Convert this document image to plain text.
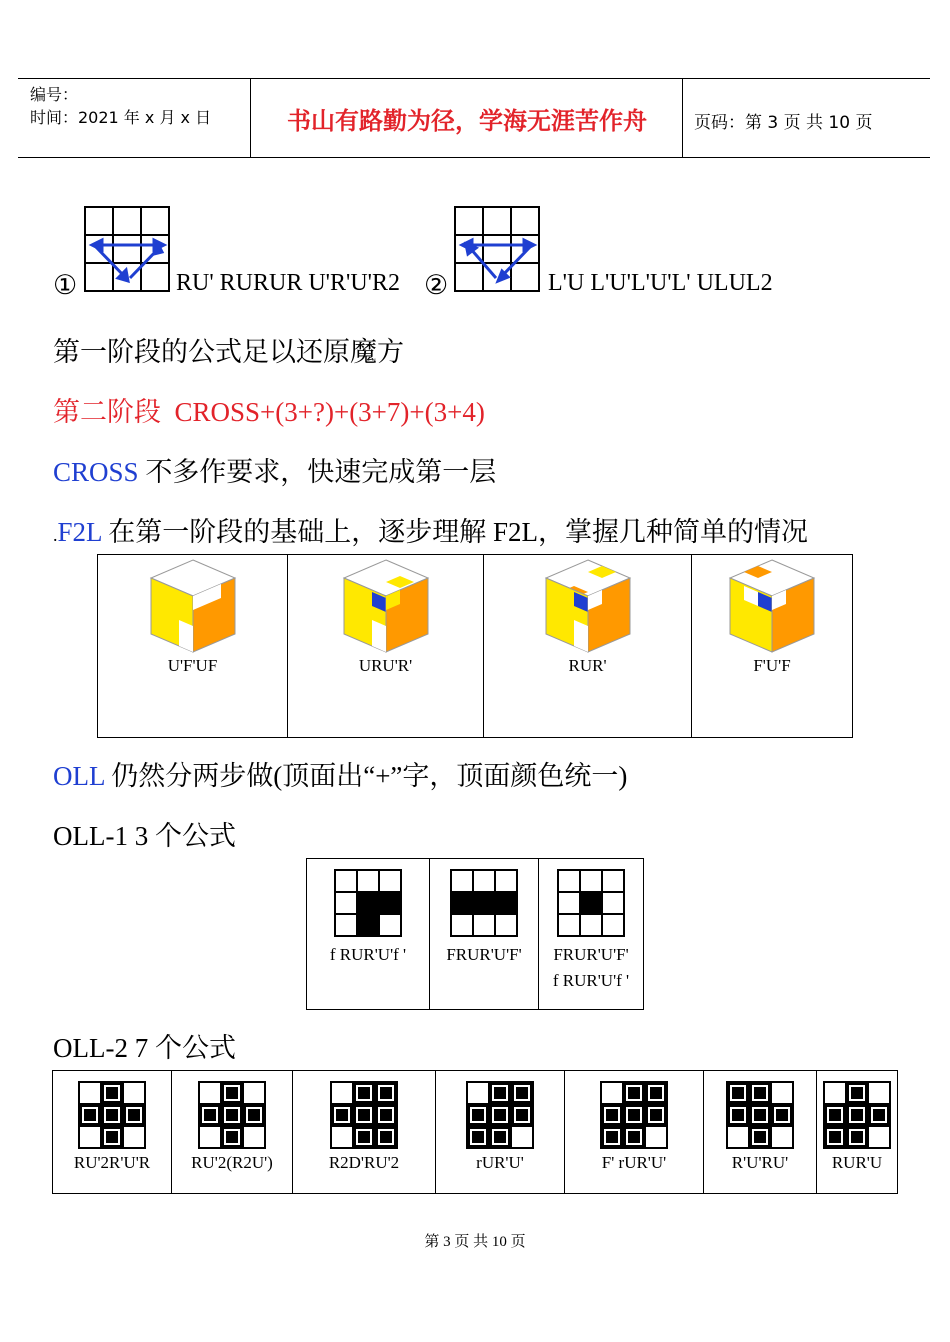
编号：
时间：2021 年 x 月 x 日	书山有路勤为径，学海无涯苦作舟	页码：第 3 页 共 10 页
①	RU' RURUR U'R'U'R2 ②	L'U L'U'L'U'L' ULUL2
第一阶段的公式足以还原魔方
第二阶段 CROSS+(3+?)+(3+7)+(3+4)
CROSS 不多作要求，快速完成第一层
.F2L 在第一阶段的基础上，逐步理解 F2L，掌握几种简单的情况
U'F'UF	URU'R'	RUR'	F'U'F
OLL 仍然分两步做(顶面出“+”字，顶面颜色统一)
OLL-1 3 个公式
f RUR'U'f '	FRUR'U'F'	FRUR'U'F'
f RUR'U'f '
OLL-2 7 个公式
RU'2R'U'R	RU'2(R2U')	R2D'RU'2	rUR'U'	F' rUR'U'	R'U'RU'	RUR'U
第 3 页 共 10 页
